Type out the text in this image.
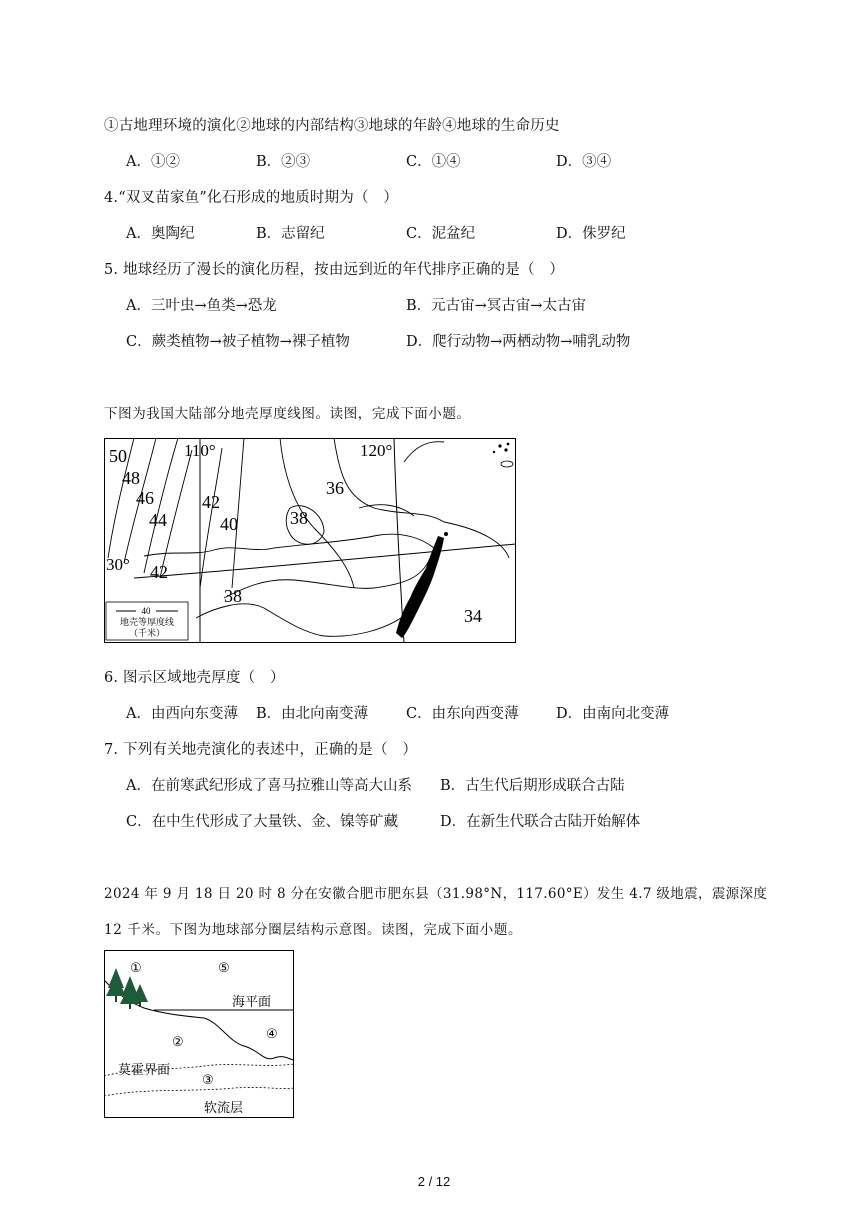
①古地理环境的演化②地球的内部结构③地球的年龄④地球的生命历史
A．①②	B．②③	C．①④	D．③④
4.“双叉苗家鱼”化石形成的地质时期为（　）
A．奥陶纪	B．志留纪	C．泥盆纪	D．侏罗纪
5. 地球经历了漫长的演化历程，按由远到近的年代排序正确的是（　）
A．三叶虫→鱼类→恐龙	B．元古宙→冥古宙→太古宙
C．蕨类植物→被子植物→裸子植物	D．爬行动物→两栖动物→哺乳动物
下图为我国大陆部分地壳厚度线图。读图，完成下面小题。
110°	120°
30°
50
48
46
44
42
40	38
36
42
38
34
40
地壳等厚度线
（千米）
6. 图示区域地壳厚度（　）
A．由西向东变薄 B．由北向南变薄	C．由东向西变薄	D．由南向北变薄
7. 下列有关地壳演化的表述中，正确的是（　）
A．在前寒武纪形成了喜马拉雅山等高大山系 B．古生代后期形成联合古陆
C．在中生代形成了大量铁、金、镍等矿藏	D．在新生代联合古陆开始解体
2024 年 9 月 18 日 20 时 8 分在安徽合肥市肥东县（31.98°N，117.60°E）发生 4.7 级地震，震源深度
12 千米。下图为地球部分圈层结构示意图。读图，完成下面小题。
①	⑤
海平面
②
④
莫霍界面
③
软流层
2 / 12
